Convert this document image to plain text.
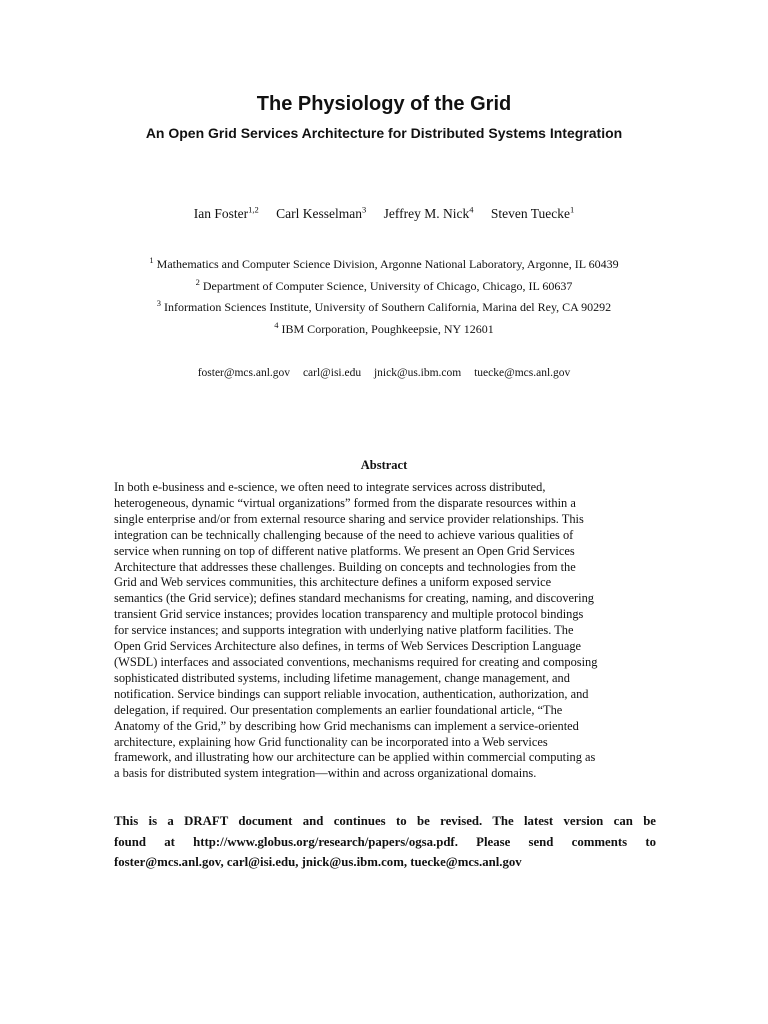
The Physiology of the Grid
An Open Grid Services Architecture for Distributed Systems Integration
Ian Foster$^{1,2}$ Carl Kesselman$^3$ Jeffrey M. Nick$^4$ Steven Tuecke$^1$
$^1$ Mathematics and Computer Science Division, Argonne National Laboratory, Argonne, IL 60439
$^2$ Department of Computer Science, University of Chicago, Chicago, IL 60637
$^3$ Information Sciences Institute, University of Southern California, Marina del Rey, CA 90292
$^4$ IBM Corporation, Poughkeepsie, NY 12601
foster@mcs.anl.gov carl@isi.edu jnick@us.ibm.com tuecke@mcs.anl.gov
Abstract
In both e-business and e-science, we often need to integrate services across distributed,
heterogeneous, dynamic “virtual organizations” formed from the disparate resources within a
single enterprise and/or from external resource sharing and service provider relationships. This
integration can be technically challenging because of the need to achieve various qualities of
service when running on top of different native platforms. We present an Open Grid Services
Architecture that addresses these challenges. Building on concepts and technologies from the
Grid and Web services communities, this architecture defines a uniform exposed service
semantics (the Grid service); defines standard mechanisms for creating, naming, and discovering
transient Grid service instances; provides location transparency and multiple protocol bindings
for service instances; and supports integration with underlying native platform facilities. The
Open Grid Services Architecture also defines, in terms of Web Services Description Language
(WSDL) interfaces and associated conventions, mechanisms required for creating and composing
sophisticated distributed systems, including lifetime management, change management, and
notification. Service bindings can support reliable invocation, authentication, authorization, and
delegation, if required. Our presentation complements an earlier foundational article, “The
Anatomy of the Grid,” by describing how Grid mechanisms can implement a service-oriented
architecture, explaining how Grid functionality can be incorporated into a Web services
framework, and illustrating how our architecture can be applied within commercial computing as
a basis for distributed system integration—within and across organizational domains.
This is a DRAFT document and continues to be revised. The latest version can be
found at http://www.globus.org/research/papers/ogsa.pdf. Please send comments to
foster@mcs.anl.gov, carl@isi.edu, jnick@us.ibm.com, tuecke@mcs.anl.gov
